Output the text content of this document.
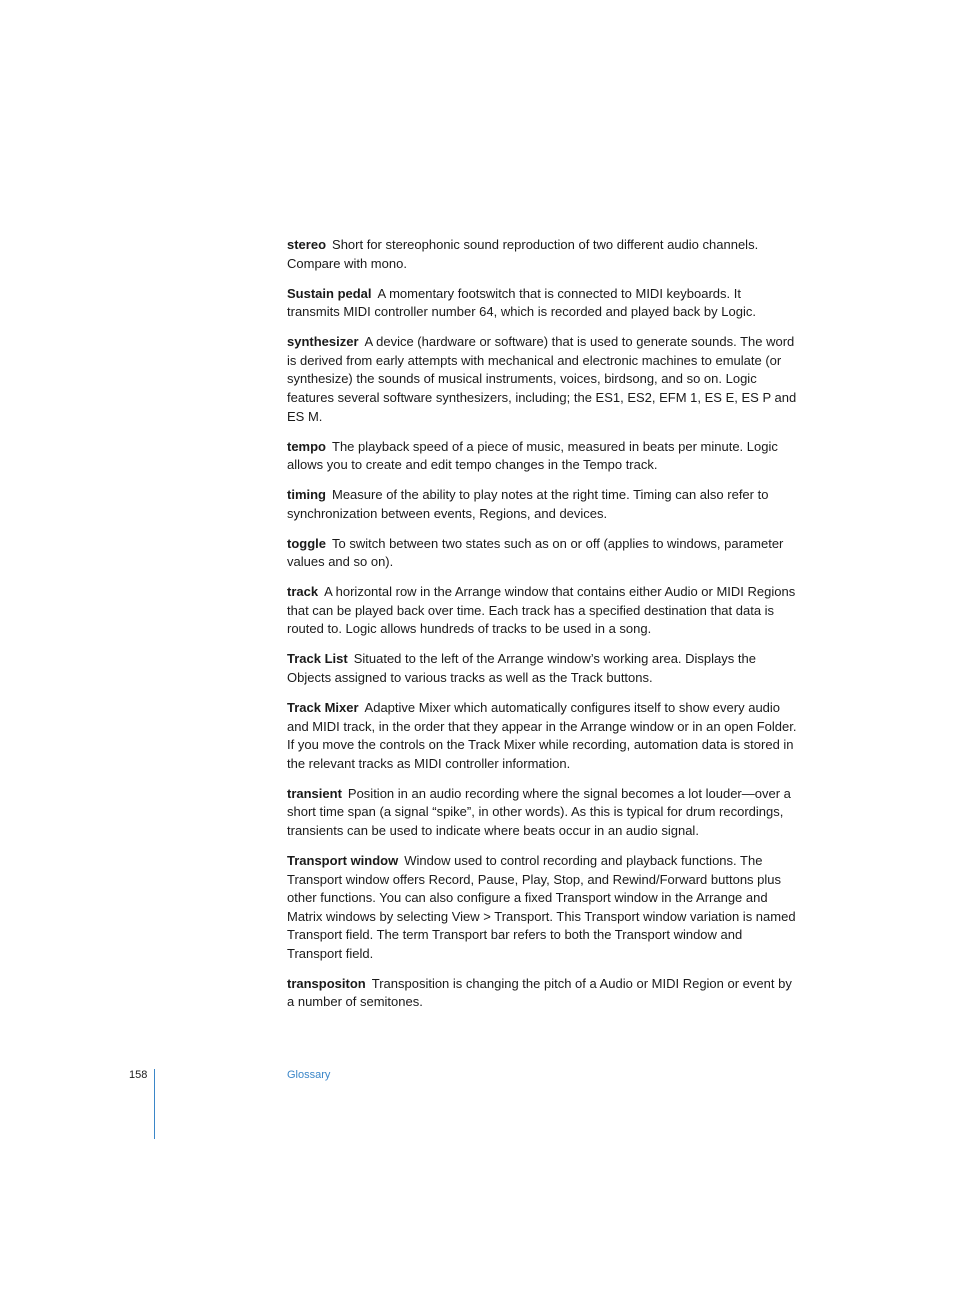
stereo Short for stereophonic sound reproduction of two different audio channels. Compare with mono.

Sustain pedal A momentary footswitch that is connected to MIDI keyboards. It transmits MIDI controller number 64, which is recorded and played back by Logic.

synthesizer A device (hardware or software) that is used to generate sounds. The word is derived from early attempts with mechanical and electronic machines to emulate (or synthesize) the sounds of musical instruments, voices, birdsong, and so on. Logic features several software synthesizers, including; the ES1, ES2, EFM 1, ES E, ES P and ES M.

tempo The playback speed of a piece of music, measured in beats per minute. Logic allows you to create and edit tempo changes in the Tempo track.

timing Measure of the ability to play notes at the right time. Timing can also refer to synchronization between events, Regions, and devices.

toggle To switch between two states such as on or off (applies to windows, parameter values and so on).

track A horizontal row in the Arrange window that contains either Audio or MIDI Regions that can be played back over time. Each track has a specified destination that data is routed to. Logic allows hundreds of tracks to be used in a song.

Track List Situated to the left of the Arrange window’s working area. Displays the Objects assigned to various tracks as well as the Track buttons.

Track Mixer Adaptive Mixer which automatically configures itself to show every audio and MIDI track, in the order that they appear in the Arrange window or in an open Folder. If you move the controls on the Track Mixer while recording, automation data is stored in the relevant tracks as MIDI controller information.

transient Position in an audio recording where the signal becomes a lot louder—over a short time span (a signal “spike”, in other words). As this is typical for drum recordings, transients can be used to indicate where beats occur in an audio signal.

Transport window Window used to control recording and playback functions. The Transport window offers Record, Pause, Play, Stop, and Rewind/Forward buttons plus other functions. You can also configure a fixed Transport window in the Arrange and Matrix windows by selecting View > Transport. This Transport window variation is named Transport field. The term Transport bar refers to both the Transport window and Transport field.

transpositon Transposition is changing the pitch of a Audio or MIDI Region or event by a number of semitones.

158	Glossary
